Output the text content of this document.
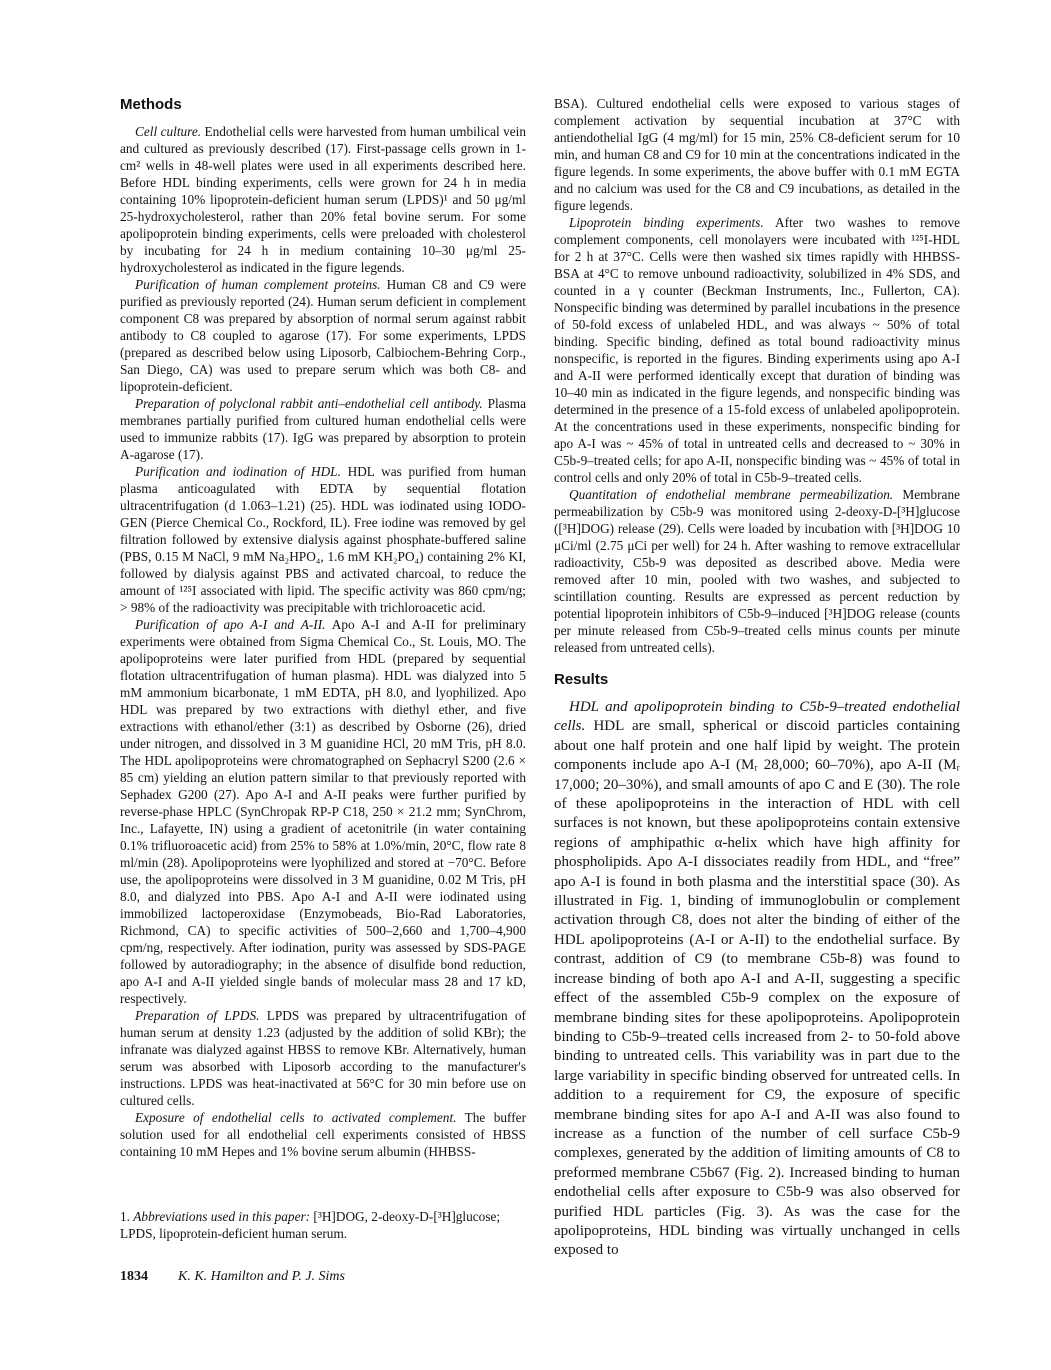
Methods

Cell culture. Endothelial cells were harvested from human umbilical vein and cultured as previously described (17). First-passage cells grown in 1-cm² wells in 48-well plates were used in all experiments described here. Before HDL binding experiments, cells were grown for 24 h in media containing 10% lipoprotein-deficient human serum (LPDS)¹ and 50 μg/ml 25-hydroxycholesterol, rather than 20% fetal bovine serum. For some apolipoprotein binding experiments, cells were preloaded with cholesterol by incubating for 24 h in medium containing 10–30 μg/ml 25-hydroxycholesterol as indicated in the figure legends.

Purification of human complement proteins. Human C8 and C9 were purified as previously reported (24). Human serum deficient in complement component C8 was prepared by absorption of normal serum against rabbit antibody to C8 coupled to agarose (17). For some experiments, LPDS (prepared as described below using Liposorb, Calbiochem-Behring Corp., San Diego, CA) was used to prepare serum which was both C8- and lipoprotein-deficient.

Preparation of polyclonal rabbit anti–endothelial cell antibody. Plasma membranes partially purified from cultured human endothelial cells were used to immunize rabbits (17). IgG was prepared by absorption to protein A-agarose (17).

Purification and iodination of HDL. HDL was purified from human plasma anticoagulated with EDTA by sequential flotation ultracentrifugation (d 1.063–1.21) (25). HDL was iodinated using IODO-GEN (Pierce Chemical Co., Rockford, IL). Free iodine was removed by gel filtration followed by extensive dialysis against phosphate-buffered saline (PBS, 0.15 M NaCl, 9 mM Na₂HPO₄, 1.6 mM KH₂PO₄) containing 2% KI, followed by dialysis against PBS and activated charcoal, to reduce the amount of ¹²⁵I associated with lipid. The specific activity was 860 cpm/ng; > 98% of the radioactivity was precipitable with trichloroacetic acid.

Purification of apo A-I and A-II. Apo A-I and A-II for preliminary experiments were obtained from Sigma Chemical Co., St. Louis, MO. The apolipoproteins were later purified from HDL (prepared by sequential flotation ultracentrifugation of human plasma). HDL was dialyzed into 5 mM ammonium bicarbonate, 1 mM EDTA, pH 8.0, and lyophilized. Apo HDL was prepared by two extractions with diethyl ether, and five extractions with ethanol/ether (3:1) as described by Osborne (26), dried under nitrogen, and dissolved in 3 M guanidine HCl, 20 mM Tris, pH 8.0. The HDL apolipoproteins were chromatographed on Sephacryl S200 (2.6 × 85 cm) yielding an elution pattern similar to that previously reported with Sephadex G200 (27). Apo A-I and A-II peaks were further purified by reverse-phase HPLC (SynChropak RP-P C18, 250 × 21.2 mm; SynChrom, Inc., Lafayette, IN) using a gradient of acetonitrile (in water containing 0.1% trifluoroacetic acid) from 25% to 58% at 1.0%/min, 20°C, flow rate 8 ml/min (28). Apolipoproteins were lyophilized and stored at −70°C. Before use, the apolipoproteins were dissolved in 3 M guanidine, 0.02 M Tris, pH 8.0, and dialyzed into PBS. Apo A-I and A-II were iodinated using immobilized lactoperoxidase (Enzymobeads, Bio-Rad Laboratories, Richmond, CA) to specific activities of 500–2,660 and 1,700–4,900 cpm/ng, respectively. After iodination, purity was assessed by SDS-PAGE followed by autoradiography; in the absence of disulfide bond reduction, apo A-I and A-II yielded single bands of molecular mass 28 and 17 kD, respectively.

Preparation of LPDS. LPDS was prepared by ultracentrifugation of human serum at density 1.23 (adjusted by the addition of solid KBr); the infranate was dialyzed against HBSS to remove KBr. Alternatively, human serum was absorbed with Liposorb according to the manufacturer's instructions. LPDS was heat-inactivated at 56°C for 30 min before use on cultured cells.

Exposure of endothelial cells to activated complement. The buffer solution used for all endothelial cell experiments consisted of HBSS containing 10 mM Hepes and 1% bovine serum albumin (HHBSS-

1. Abbreviations used in this paper: [³H]DOG, 2-deoxy-D-[³H]glucose; LPDS, lipoprotein-deficient human serum.

1834 K. K. Hamilton and P. J. Sims

BSA). Cultured endothelial cells were exposed to various stages of complement activation by sequential incubation at 37°C with antiendothelial IgG (4 mg/ml) for 15 min, 25% C8-deficient serum for 10 min, and human C8 and C9 for 10 min at the concentrations indicated in the figure legends. In some experiments, the above buffer with 0.1 mM EGTA and no calcium was used for the C8 and C9 incubations, as detailed in the figure legends.

Lipoprotein binding experiments. After two washes to remove complement components, cell monolayers were incubated with ¹²⁵I-HDL for 2 h at 37°C. Cells were then washed six times rapidly with HHBSS-BSA at 4°C to remove unbound radioactivity, solubilized in 4% SDS, and counted in a γ counter (Beckman Instruments, Inc., Fullerton, CA). Nonspecific binding was determined by parallel incubations in the presence of 50-fold excess of unlabeled HDL, and was always ~ 50% of total binding. Specific binding, defined as total bound radioactivity minus nonspecific, is reported in the figures. Binding experiments using apo A-I and A-II were performed identically except that duration of binding was 10–40 min as indicated in the figure legends, and nonspecific binding was determined in the presence of a 15-fold excess of unlabeled apolipoprotein. At the concentrations used in these experiments, nonspecific binding for apo A-I was ~ 45% of total in untreated cells and decreased to ~ 30% in C5b-9–treated cells; for apo A-II, nonspecific binding was ~ 45% of total in control cells and only 20% of total in C5b-9–treated cells.

Quantitation of endothelial membrane permeabilization. Membrane permeabilization by C5b-9 was monitored using 2-deoxy-D-[³H]glucose ([³H]DOG) release (29). Cells were loaded by incubation with [³H]DOG 10 μCi/ml (2.75 μCi per well) for 24 h. After washing to remove extracellular radioactivity, C5b-9 was deposited as described above. Media were removed after 10 min, pooled with two washes, and subjected to scintillation counting. Results are expressed as percent reduction by potential lipoprotein inhibitors of C5b-9–induced [³H]DOG release (counts per minute released from C5b-9–treated cells minus counts per minute released from untreated cells).

Results

HDL and apolipoprotein binding to C5b-9–treated endothelial cells. HDL are small, spherical or discoid particles containing about one half protein and one half lipid by weight. The protein components include apo A-I (Mᵣ 28,000; 60–70%), apo A-II (Mᵣ 17,000; 20–30%), and small amounts of apo C and E (30). The role of these apolipoproteins in the interaction of HDL with cell surfaces is not known, but these apolipoproteins contain extensive regions of amphipathic α-helix which have high affinity for phospholipids. Apo A-I dissociates readily from HDL, and “free” apo A-I is found in both plasma and the interstitial space (30). As illustrated in Fig. 1, binding of immunoglobulin or complement activation through C8, does not alter the binding of either of the HDL apolipoproteins (A-I or A-II) to the endothelial surface. By contrast, addition of C9 (to membrane C5b-8) was found to increase binding of both apo A-I and A-II, suggesting a specific effect of the assembled C5b-9 complex on the exposure of membrane binding sites for these apolipoproteins. Apolipoprotein binding to C5b-9–treated cells increased from 2- to 50-fold above binding to untreated cells. This variability was in part due to the large variability in specific binding observed for untreated cells. In addition to a requirement for C9, the exposure of specific membrane binding sites for apo A-I and A-II was also found to increase as a function of the number of cell surface C5b-9 complexes, generated by the addition of limiting amounts of C8 to preformed membrane C5b67 (Fig. 2). Increased binding to human endothelial cells after exposure to C5b-9 was also observed for purified HDL particles (Fig. 3). As was the case for the apolipoproteins, HDL binding was virtually unchanged in cells exposed to
